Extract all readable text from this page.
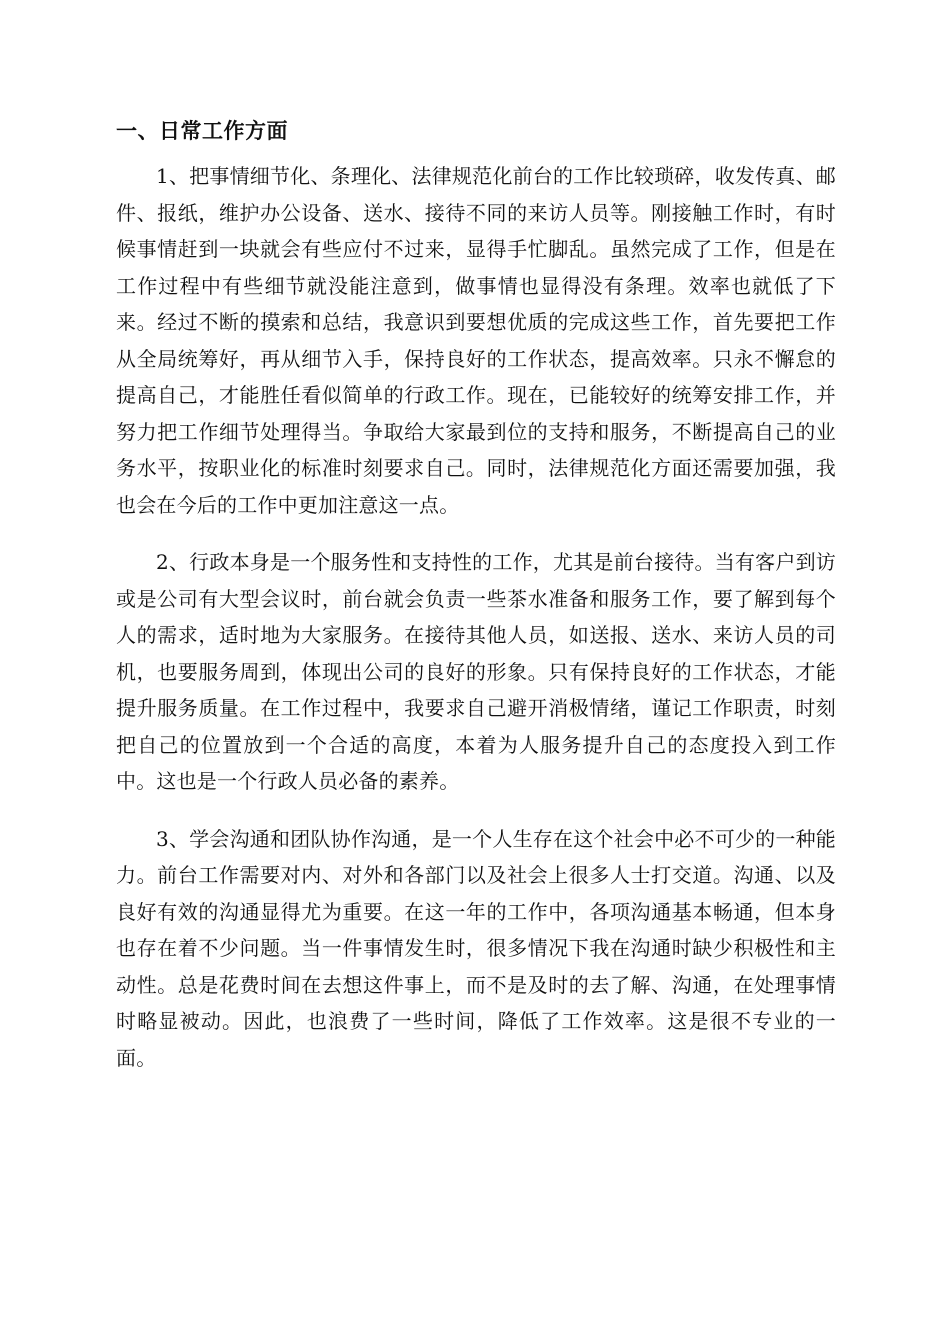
一、日常工作方面

1、把事情细节化、条理化、法律规范化前台的工作比较琐碎，收发传真、邮件、报纸，维护办公设备、送水、接待不同的来访人员等。刚接触工作时，有时候事情赶到一块就会有些应付不过来，显得手忙脚乱。虽然完成了工作，但是在工作过程中有些细节就没能注意到，做事情也显得没有条理。效率也就低了下来。经过不断的摸索和总结，我意识到要想优质的完成这些工作，首先要把工作从全局统筹好，再从细节入手，保持良好的工作状态，提高效率。只永不懈怠的提高自己，才能胜任看似简单的行政工作。现在，已能较好的统筹安排工作，并努力把工作细节处理得当。争取给大家最到位的支持和服务，不断提高自己的业务水平，按职业化的标准时刻要求自己。同时，法律规范化方面还需要加强，我也会在今后的工作中更加注意这一点。

2、行政本身是一个服务性和支持性的工作，尤其是前台接待。当有客户到访或是公司有大型会议时，前台就会负责一些茶水准备和服务工作，要了解到每个人的需求，适时地为大家服务。在接待其他人员，如送报、送水、来访人员的司机，也要服务周到，体现出公司的良好的形象。只有保持良好的工作状态，才能提升服务质量。在工作过程中，我要求自己避开消极情绪，谨记工作职责，时刻把自己的位置放到一个合适的高度，本着为人服务提升自己的态度投入到工作中。这也是一个行政人员必备的素养。

3、学会沟通和团队协作沟通，是一个人生存在这个社会中必不可少的一种能力。前台工作需要对内、对外和各部门以及社会上很多人士打交道。沟通、以及良好有效的沟通显得尤为重要。在这一年的工作中，各项沟通基本畅通，但本身也存在着不少问题。当一件事情发生时，很多情况下我在沟通时缺少积极性和主动性。总是花费时间在去想这件事上，而不是及时的去了解、沟通，在处理事情时略显被动。因此，也浪费了一些时间，降低了工作效率。这是很不专业的一面。
